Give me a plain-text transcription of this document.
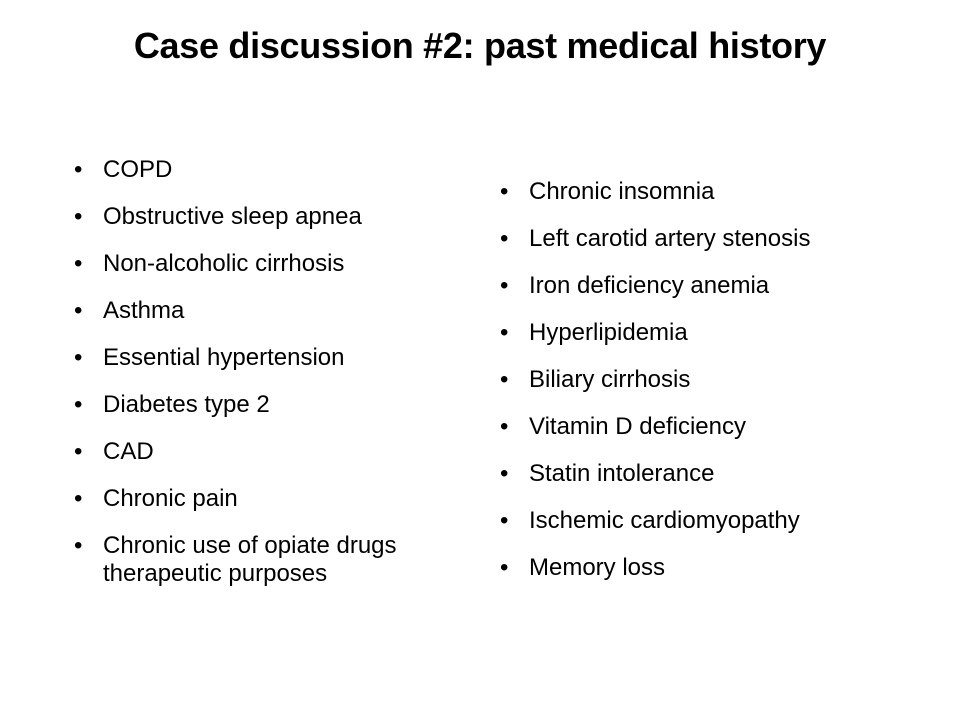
Case discussion #2: past medical history
• COPD
• Obstructive sleep apnea
• Non-alcoholic cirrhosis
• Asthma
• Essential hypertension
• Diabetes type 2
• CAD
• Chronic pain
• Chronic use of opiate drugs therapeutic purposes
• Chronic insomnia
• Left carotid artery stenosis
• Iron deficiency anemia
• Hyperlipidemia
• Biliary cirrhosis
• Vitamin D deficiency
• Statin intolerance
• Ischemic cardiomyopathy
• Memory loss
